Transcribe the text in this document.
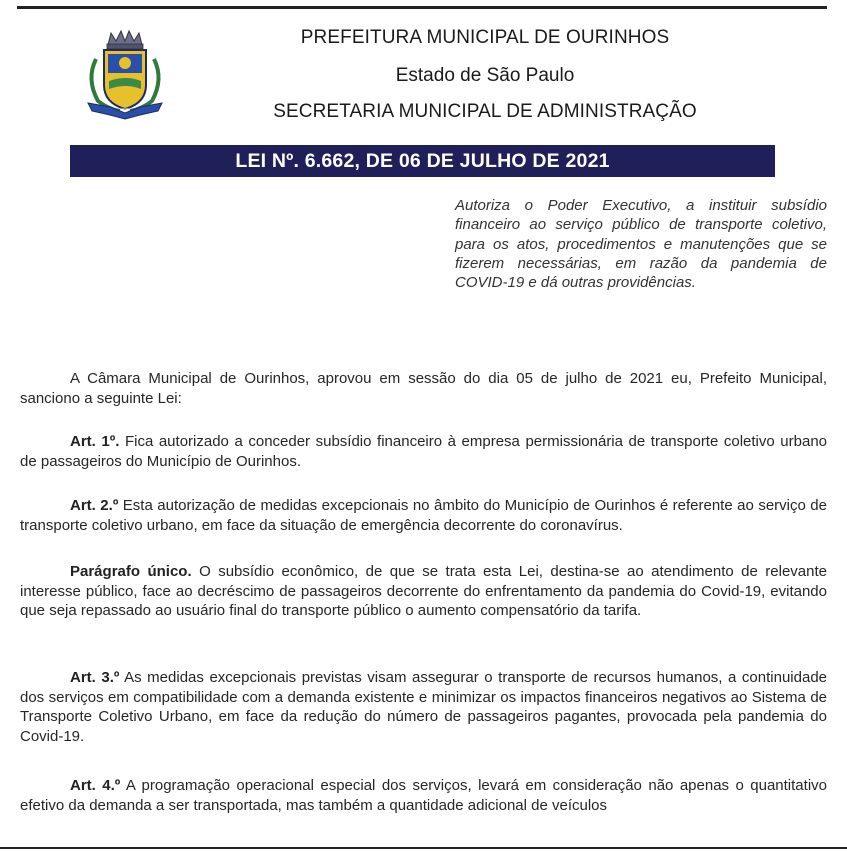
PREFEITURA MUNICIPAL DE OURINHOS
Estado de São Paulo
SECRETARIA MUNICIPAL DE ADMINISTRAÇÃO
LEI Nº. 6.662, DE 06 DE JULHO DE 2021
Autoriza o Poder Executivo, a instituir subsídio financeiro ao serviço público de transporte coletivo, para os atos, procedimentos e manutenções que se fizerem necessárias, em razão da pandemia de COVID-19 e dá outras providências.

A Câmara Municipal de Ourinhos, aprovou em sessão do dia 05 de julho de 2021 eu, Prefeito Municipal, sanciono a seguinte Lei:

Art. 1º. Fica autorizado a conceder subsídio financeiro à empresa permissionária de transporte coletivo urbano de passageiros do Município de Ourinhos.

Art. 2.º Esta autorização de medidas excepcionais no âmbito do Município de Ourinhos é referente ao serviço de transporte coletivo urbano, em face da situação de emergência decorrente do coronavírus.

Parágrafo único. O subsídio econômico, de que se trata esta Lei, destina-se ao atendimento de relevante interesse público, face ao decréscimo de passageiros decorrente do enfrentamento da pandemia do Covid-19, evitando que seja repassado ao usuário final do transporte público o aumento compensatório da tarifa.

Art. 3.º As medidas excepcionais previstas visam assegurar o transporte de recursos humanos, a continuidade dos serviços em compatibilidade com a demanda existente e minimizar os impactos financeiros negativos ao Sistema de Transporte Coletivo Urbano, em face da redução do número de passageiros pagantes, provocada pela pandemia do Covid-19.

Art. 4.º A programação operacional especial dos serviços, levará em consideração não apenas o quantitativo efetivo da demanda a ser transportada, mas também a quantidade adicional de veículos
